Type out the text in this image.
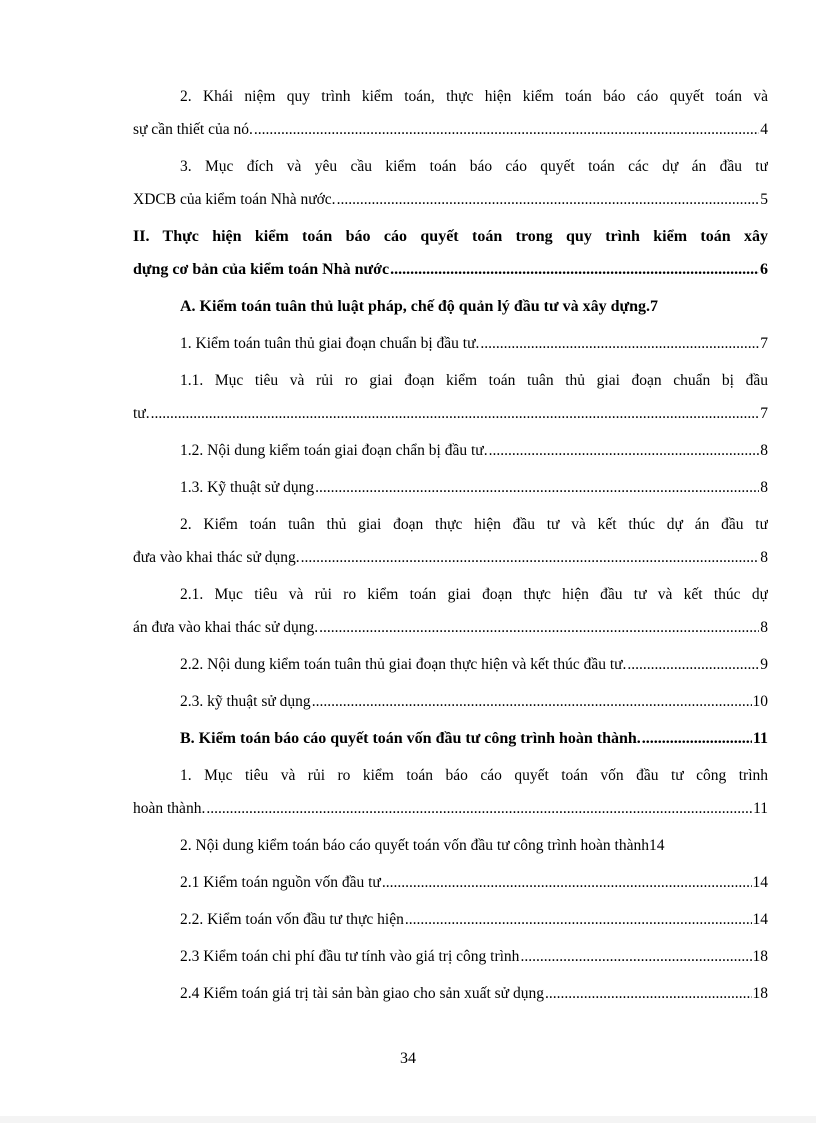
2. Khái niệm quy trình kiểm toán, thực hiện kiểm toán báo cáo quyết toán và
sự cần thiết của nó. .....	4
3. Mục đích và yêu cầu kiểm toán báo cáo quyết toán các dự án đầu tư
XDCB của kiểm toán Nhà nước. .....	5
II. Thực hiện kiểm toán báo cáo quyết toán trong quy trình kiểm toán xây
dựng cơ bản của kiểm toán Nhà nước .....	6
A. Kiểm toán tuân thủ luật pháp, chế độ quản lý đầu tư và xây dựng. 7
1. Kiểm toán tuân thủ giai đoạn chuẩn bị đầu tư. .....	7
1.1. Mục tiêu và rủi ro giai đoạn kiểm toán tuân thủ giai đoạn chuẩn bị đầu
tư. .....	7
1.2. Nội dung kiểm toán giai đoạn chẩn bị đầu tư. .....	8
1.3. Kỹ thuật sử dụng .....	8
2. Kiểm toán tuân thủ giai đoạn thực hiện đầu tư và kết thúc dự án đầu tư
đưa vào khai thác sử dụng. .....	8
2.1. Mục tiêu và rủi ro kiểm toán giai đoạn thực hiện đầu tư và kết thúc dự
án đưa vào khai thác sử dụng. .....	8
2.2. Nội dung kiểm toán tuân thủ giai đoạn thực hiện và kết thúc đầu tư. .....	9
2.3. kỹ thuật sử dụng .....	10
B. Kiểm toán báo cáo quyết toán vốn đầu tư công trình hoàn thành. .....	11
1. Mục tiêu và rủi ro kiểm toán báo cáo quyết toán vốn đầu tư công trình
hoàn thành. .....	11
2. Nội dung kiểm toán báo cáo quyết toán vốn đầu tư công trình hoàn thành 14
2.1 Kiểm toán nguồn vốn đầu tư .....	14
2.2. Kiểm toán vốn đầu tư thực hiện .....	14
2.3 Kiểm toán chi phí đầu tư tính vào giá trị công trình .....	18
2.4 Kiểm toán giá trị tài sản bàn giao cho sản xuất sử dụng .....	18
34
